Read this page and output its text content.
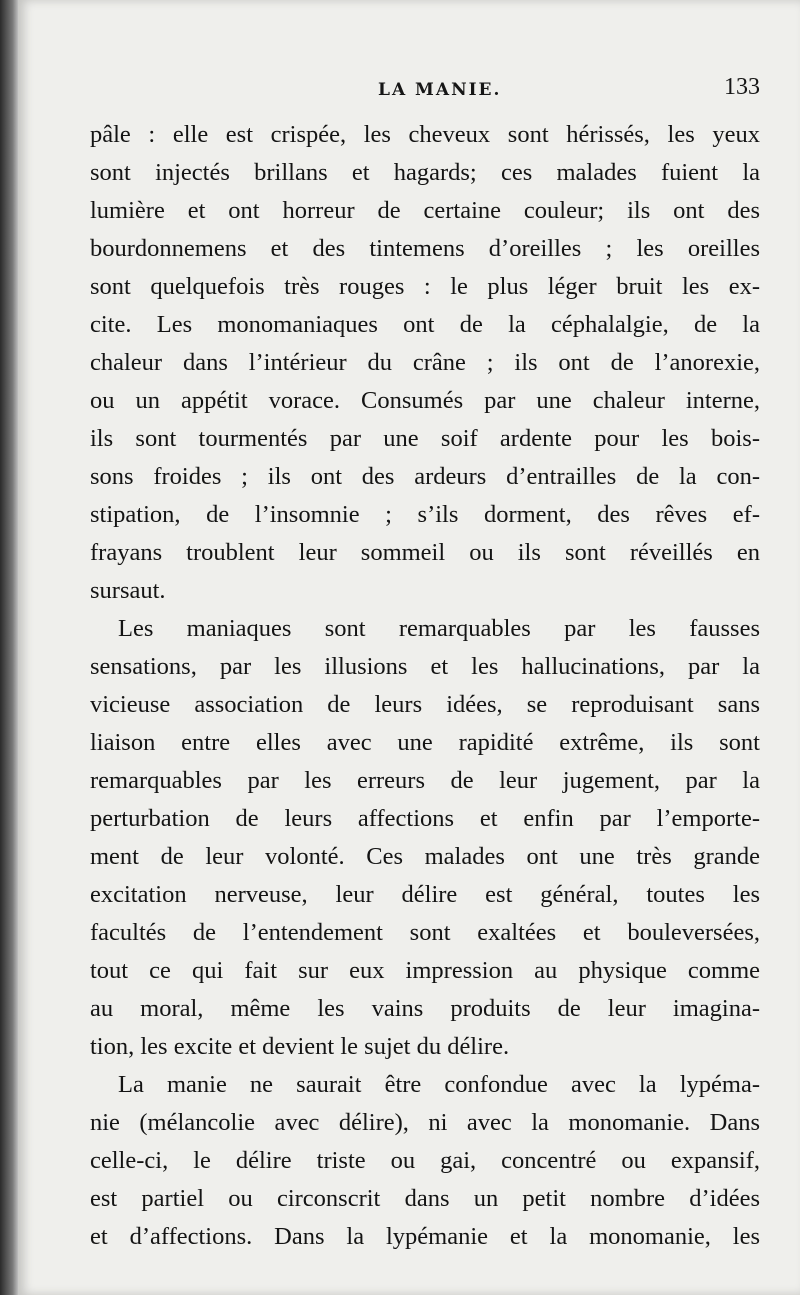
LA MANIE.	133
pâle : elle est crispée, les cheveux sont hérissés, les yeux
sont injectés brillans et hagards; ces malades fuient la
lumière et ont horreur de certaine couleur; ils ont des
bourdonnemens et des tintemens d’oreilles ; les oreilles
sont quelquefois très rouges : le plus léger bruit les ex-
cite. Les monomaniaques ont de la céphalalgie, de la
chaleur dans l’intérieur du crâne ; ils ont de l’anorexie,
ou un appétit vorace. Consumés par une chaleur interne,
ils sont tourmentés par une soif ardente pour les bois-
sons froides ; ils ont des ardeurs d’entrailles de la con-
stipation, de l’insomnie ; s’ils dorment, des rêves ef-
frayans troublent leur sommeil ou ils sont réveillés en
sursaut.
Les maniaques sont remarquables par les fausses
sensations, par les illusions et les hallucinations, par la
vicieuse association de leurs idées, se reproduisant sans
liaison entre elles avec une rapidité extrême, ils sont
remarquables par les erreurs de leur jugement, par la
perturbation de leurs affections et enfin par l’emporte-
ment de leur volonté. Ces malades ont une très grande
excitation nerveuse, leur délire est général, toutes les
facultés de l’entendement sont exaltées et bouleversées,
tout ce qui fait sur eux impression au physique comme
au moral, même les vains produits de leur imagina-
tion, les excite et devient le sujet du délire.
La manie ne saurait être confondue avec la lypéma-
nie (mélancolie avec délire), ni avec la monomanie. Dans
celle-ci, le délire triste ou gai, concentré ou expansif,
est partiel ou circonscrit dans un petit nombre d’idées
et d’affections. Dans la lypémanie et la monomanie, les
